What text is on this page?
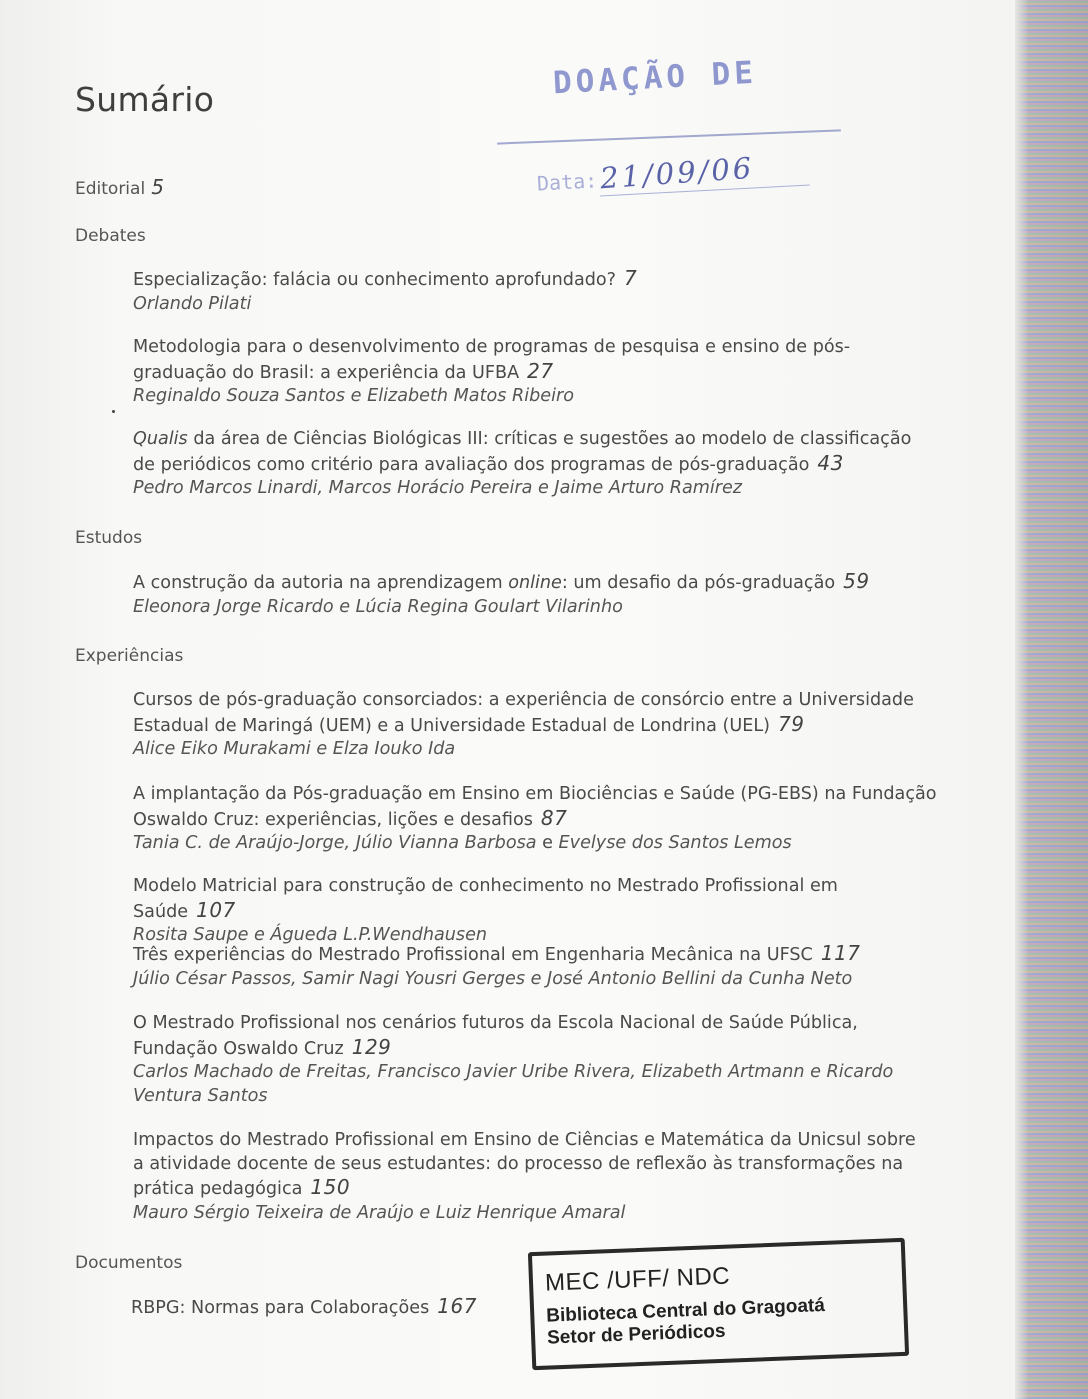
Sumário	DOAÇÃO DE
Data: 21/09/06
Editorial 5
Debates
Especialização: falácia ou conhecimento aprofundado? 7
Orlando Pilati
Metodologia para o desenvolvimento de programas de pesquisa e ensino de pós-graduação do Brasil: a experiência da UFBA 27
Reginaldo Souza Santos e Elizabeth Matos Ribeiro
Qualis da área de Ciências Biológicas III: críticas e sugestões ao modelo de classificação de periódicos como critério para avaliação dos programas de pós-graduação 43
Pedro Marcos Linardi, Marcos Horácio Pereira e Jaime Arturo Ramírez
Estudos
A construção da autoria na aprendizagem online: um desafio da pós-graduação 59
Eleonora Jorge Ricardo e Lúcia Regina Goulart Vilarinho
Experiências
Cursos de pós-graduação consorciados: a experiência de consórcio entre a Universidade Estadual de Maringá (UEM) e a Universidade Estadual de Londrina (UEL) 79
Alice Eiko Murakami e Elza Iouko Ida
A implantação da Pós-graduação em Ensino em Biociências e Saúde (PG-EBS) na Fundação Oswaldo Cruz: experiências, lições e desafios 87
Tania C. de Araújo-Jorge, Júlio Vianna Barbosa e Evelyse dos Santos Lemos
Modelo Matricial para construção de conhecimento no Mestrado Profissional em Saúde 107
Rosita Saupe e Águeda L.P.Wendhausen
Três experiências do Mestrado Profissional em Engenharia Mecânica na UFSC 117
Júlio César Passos, Samir Nagi Yousri Gerges e José Antonio Bellini da Cunha Neto
O Mestrado Profissional nos cenários futuros da Escola Nacional de Saúde Pública, Fundação Oswaldo Cruz 129
Carlos Machado de Freitas, Francisco Javier Uribe Rivera, Elizabeth Artmann e Ricardo Ventura Santos
Impactos do Mestrado Profissional em Ensino de Ciências e Matemática da Unicsul sobre a atividade docente de seus estudantes: do processo de reflexão às transformações na prática pedagógica 150
Mauro Sérgio Teixeira de Araújo e Luiz Henrique Amaral
Documentos
RBPG: Normas para Colaborações 167
MEC /UFF/ NDC
Biblioteca Central do Gragoatá
Setor de Periódicos
